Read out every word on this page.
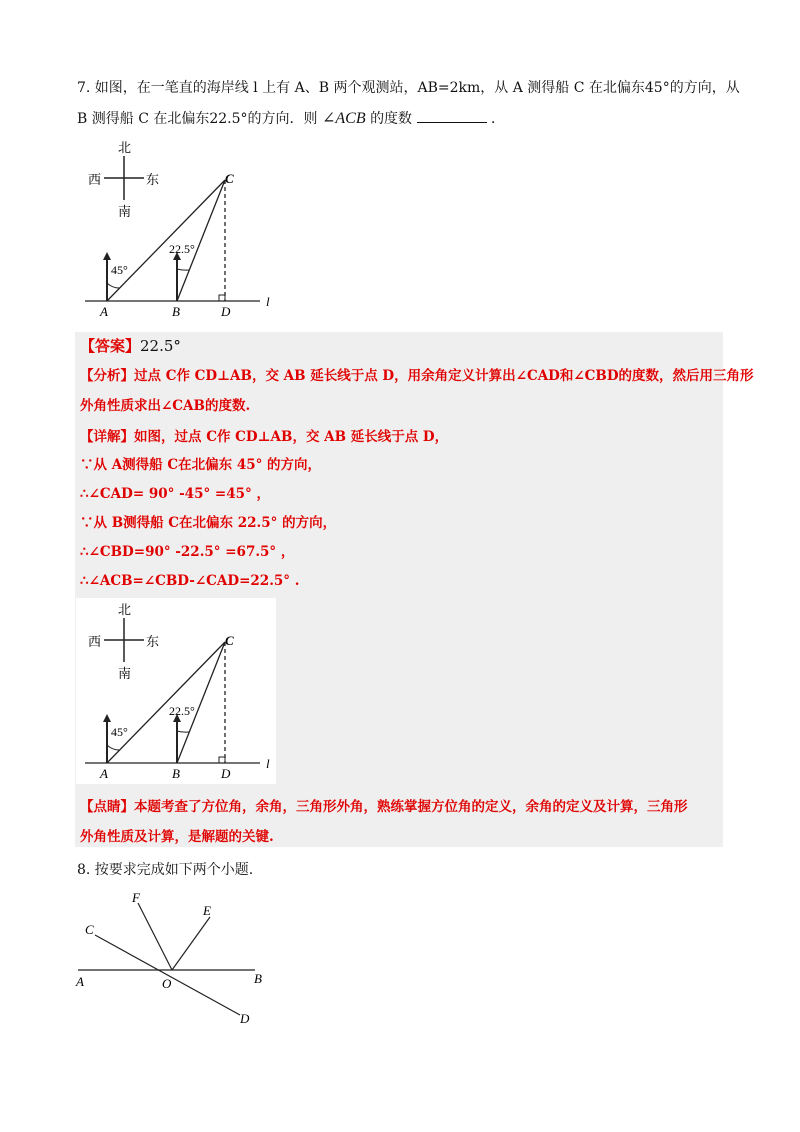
7. 如图，在一笔直的海岸线 l 上有 A、B 两个观测站，AB=2km，从 A 测得船 C 在北偏东45°的方向，从
B 测得船 C 在北偏东22.5°的方向．则 ∠ACB 的度数	．
北
南
西	东
45°
22.5°
A	B
C
D
l
【答案】22.5°
【分析】过点 C作 CD⊥AB，交 AB 延长线于点 D，用余角定义计算出∠CAD和∠CBD的度数，然后用三角形
外角性质求出∠CAB的度数.
【详解】如图，过点 C作 CD⊥AB，交 AB 延长线于点 D，
∵从 A测得船 C在北偏东 45° 的方向，
∴∠CAD= 90° -45° =45° ，
∵从 B测得船 C在北偏东 22.5° 的方向，
∴∠CBD=90° -22.5° =67.5° ，
∴∠ACB=∠CBD-∠CAD=22.5° .
北
南
西	东
45°
22.5°
A	B
C
D
l
【点睛】本题考查了方位角，余角，三角形外角，熟练掌握方位角的定义，余角的定义及计算，三角形
外角性质及计算，是解题的关键.
8. 按要求完成如下两个小题.
A	O	B
C
D
E
F
